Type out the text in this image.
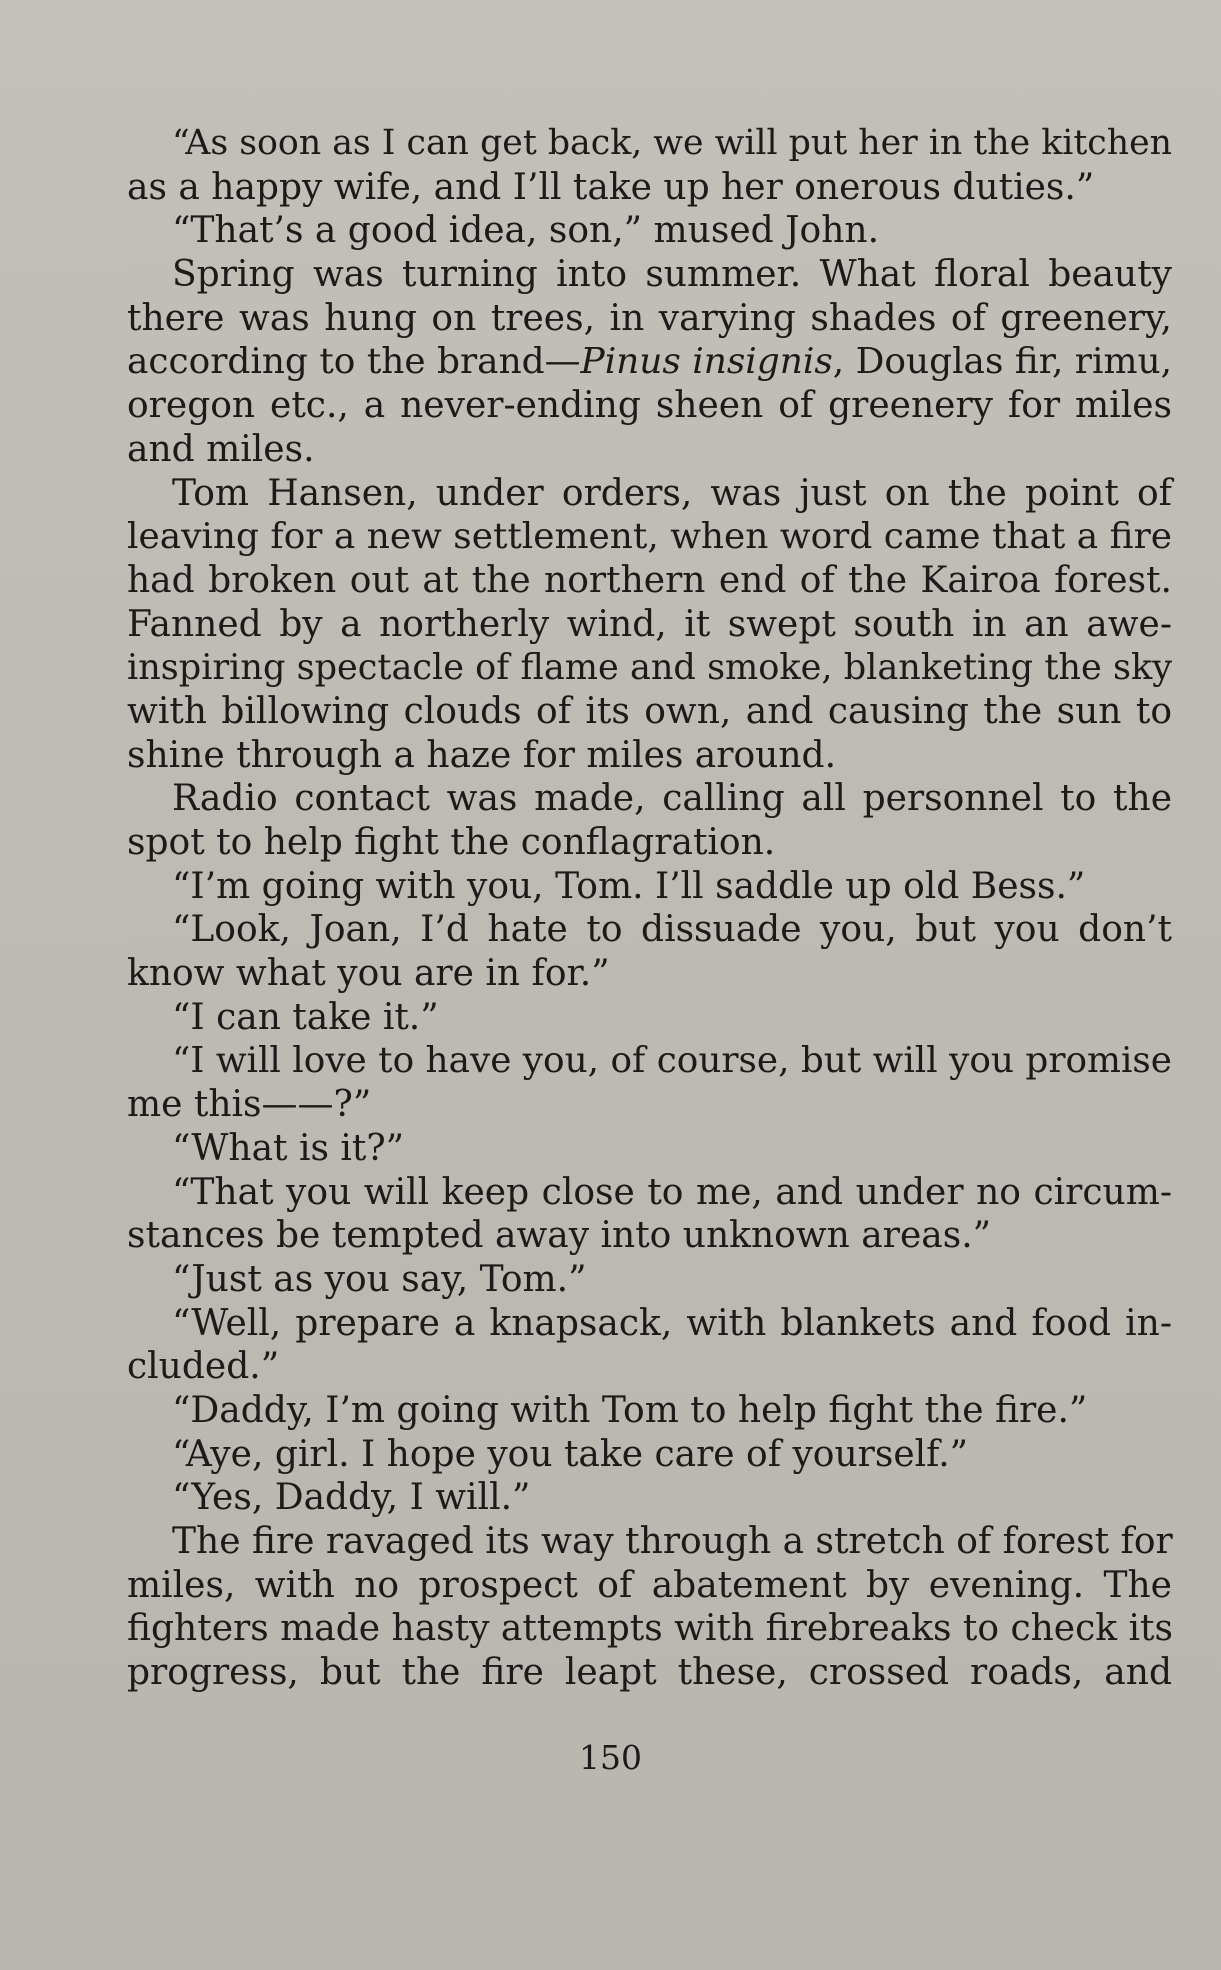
“As soon as I can get back, we will put her in the kitchen
as a happy wife, and I’ll take up her onerous duties.”
“That’s a good idea, son,” mused John.
Spring was turning into summer. What floral beauty
there was hung on trees, in varying shades of greenery,
according to the brand—Pinus insignis, Douglas fir, rimu,
oregon etc., a never-ending sheen of greenery for miles
and miles.
Tom Hansen, under orders, was just on the point of
leaving for a new settlement, when word came that a fire
had broken out at the northern end of the Kairoa forest.
Fanned by a northerly wind, it swept south in an awe-
inspiring spectacle of flame and smoke, blanketing the sky
with billowing clouds of its own, and causing the sun to
shine through a haze for miles around.
Radio contact was made, calling all personnel to the
spot to help fight the conflagration.
“I’m going with you, Tom. I’ll saddle up old Bess.”
“Look, Joan, I’d hate to dissuade you, but you don’t
know what you are in for.”
“I can take it.”
“I will love to have you, of course, but will you promise
me this——?”
“What is it?”
“That you will keep close to me, and under no circum-
stances be tempted away into unknown areas.”
“Just as you say, Tom.”
“Well, prepare a knapsack, with blankets and food in-
cluded.”
“Daddy, I’m going with Tom to help fight the fire.”
“Aye, girl. I hope you take care of yourself.”
“Yes, Daddy, I will.”
The fire ravaged its way through a stretch of forest for
miles, with no prospect of abatement by evening. The
fighters made hasty attempts with firebreaks to check its
progress, but the fire leapt these, crossed roads, and
150
